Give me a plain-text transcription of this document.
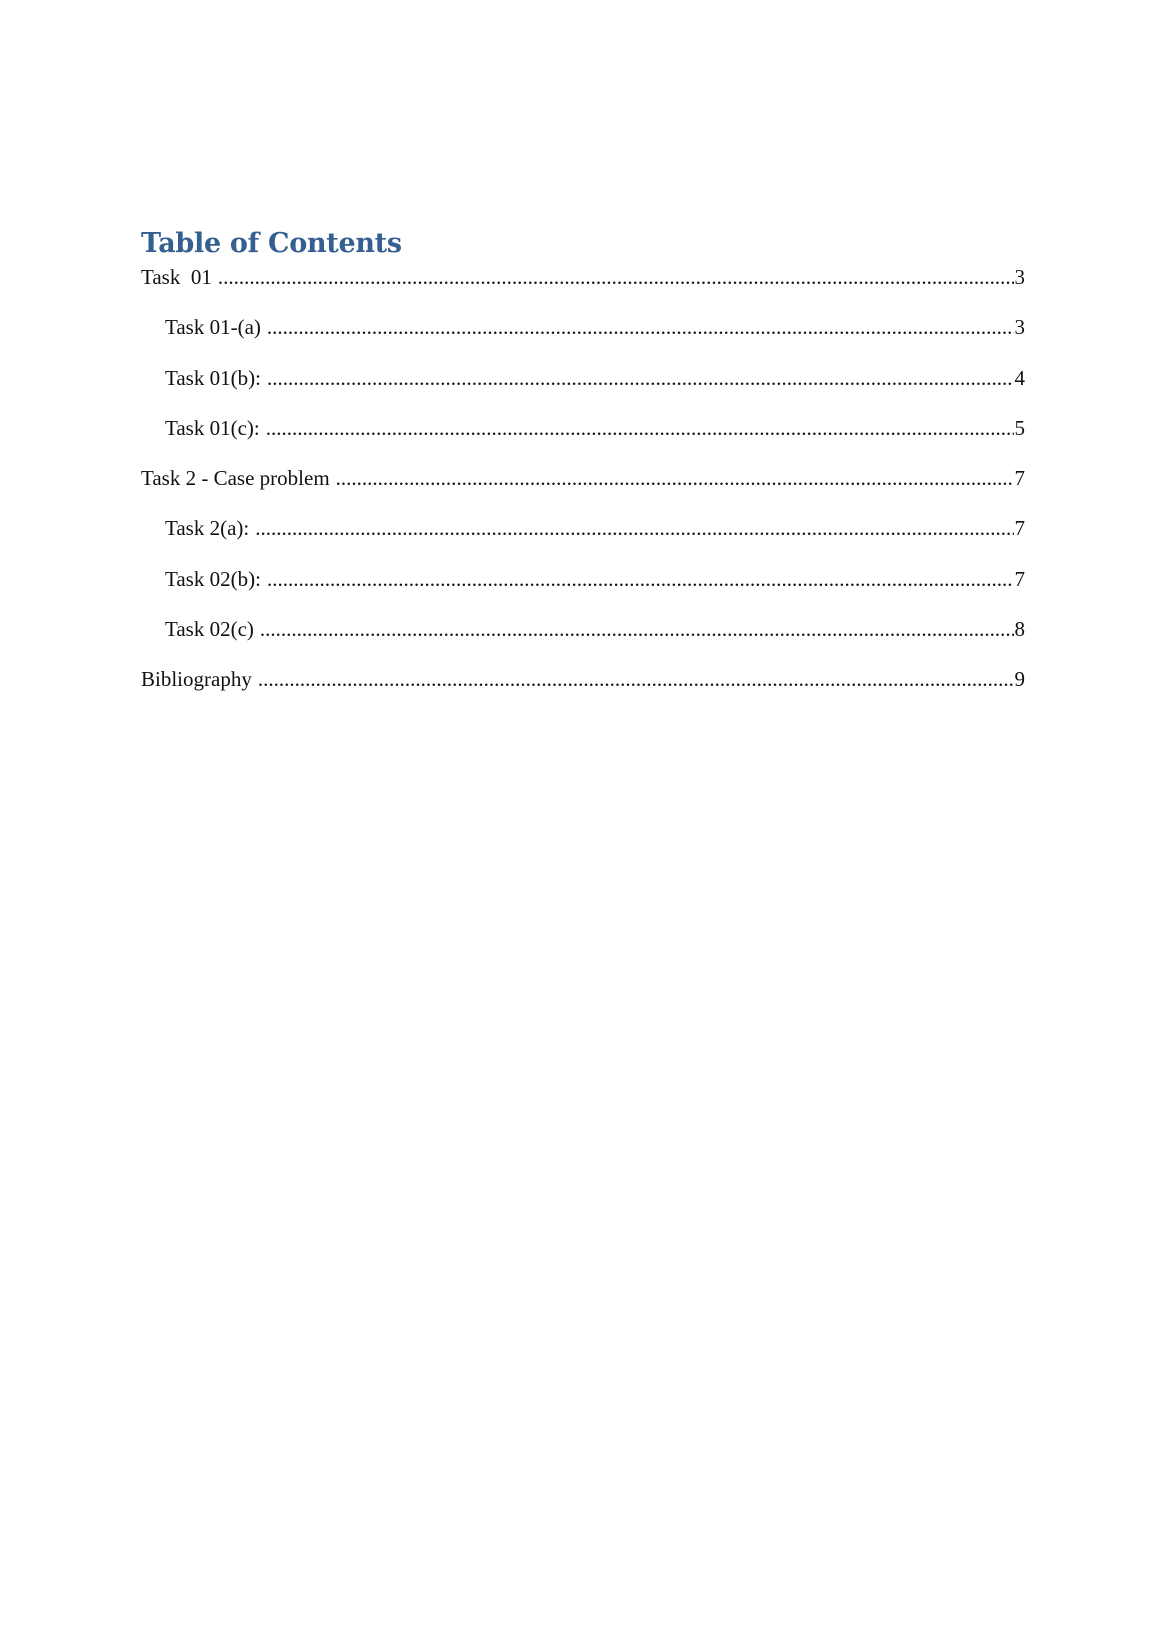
Table of Contents
Task  01 .....	3
Task 01-(a) .....	3
Task 01(b): .....	4
Task 01(c): .....	5
Task 2 - Case problem .....	7
Task 2(a): .....	7
Task 02(b): .....	7
Task 02(c) .....	8
Bibliography .....	9
